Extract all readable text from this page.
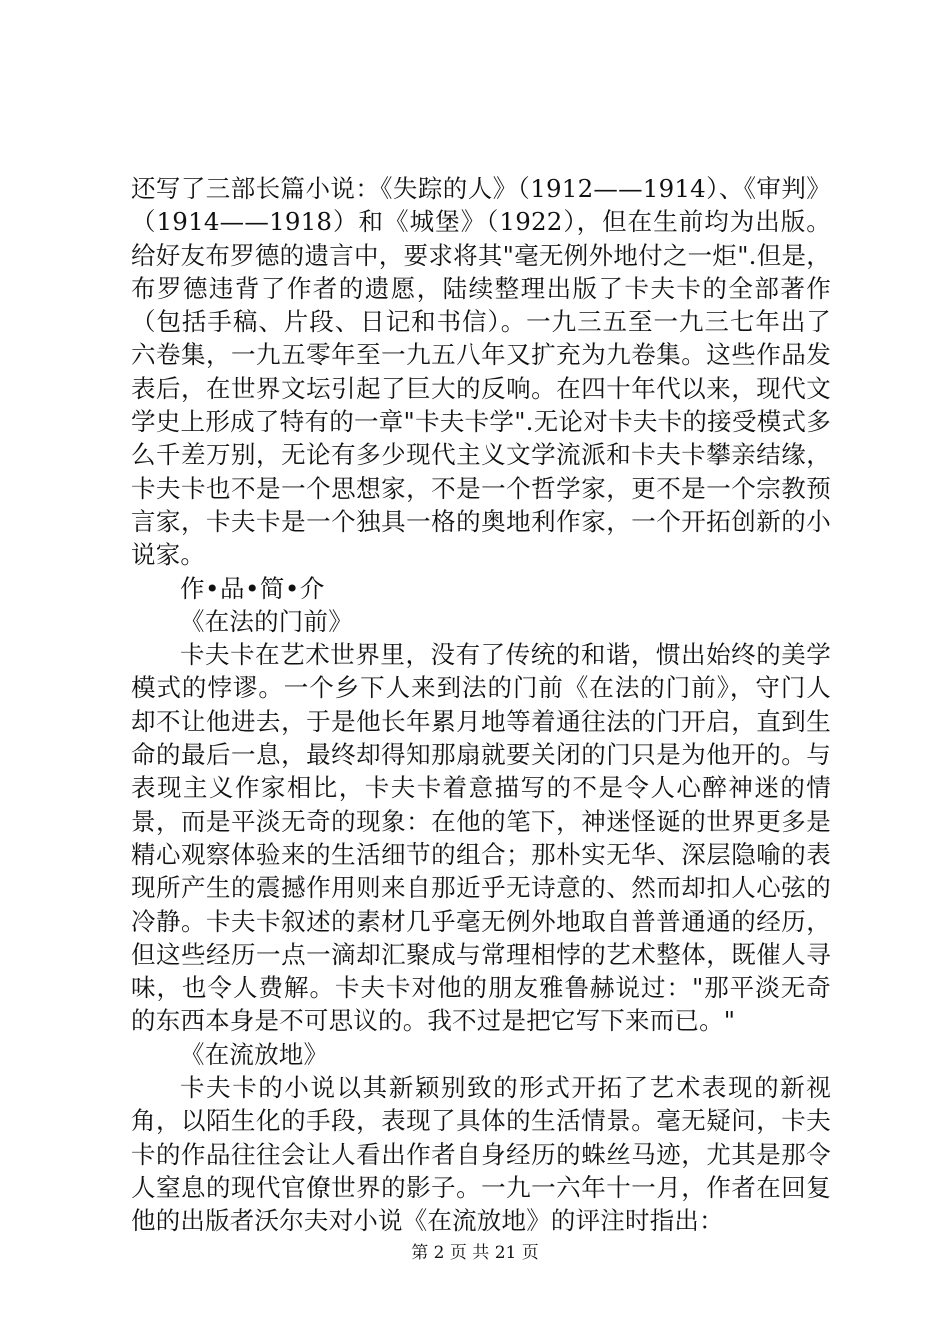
还写了三部长篇小说：《失踪的人》（1912——1914）、《审判》（1914——1918）和《城堡》（1922），但在生前均为出版。给好友布罗德的遗言中，要求将其"毫无例外地付之一炬".但是，布罗德违背了作者的遗愿，陆续整理出版了卡夫卡的全部著作（包括手稿、片段、日记和书信）。一九三五至一九三七年出了六卷集，一九五零年至一九五八年又扩充为九卷集。这些作品发表后，在世界文坛引起了巨大的反响。在四十年代以来，现代文学史上形成了特有的一章"卡夫卡学".无论对卡夫卡的接受模式多么千差万别，无论有多少现代主义文学流派和卡夫卡攀亲结缘，卡夫卡也不是一个思想家，不是一个哲学家，更不是一个宗教预言家，卡夫卡是一个独具一格的奥地利作家，一个开拓创新的小说家。

作•品•简•介

《在法的门前》

卡夫卡在艺术世界里，没有了传统的和谐，惯出始终的美学模式的悖谬。一个乡下人来到法的门前《在法的门前》，守门人却不让他进去，于是他长年累月地等着通往法的门开启，直到生命的最后一息，最终却得知那扇就要关闭的门只是为他开的。与表现主义作家相比，卡夫卡着意描写的不是令人心醉神迷的情景，而是平淡无奇的现象：在他的笔下，神迷怪诞的世界更多是精心观察体验来的生活细节的组合；那朴实无华、深层隐喻的表现所产生的震撼作用则来自那近乎无诗意的、然而却扣人心弦的冷静。卡夫卡叙述的素材几乎毫无例外地取自普普通通的经历，但这些经历一点一滴却汇聚成与常理相悖的艺术整体，既催人寻味，也令人费解。卡夫卡对他的朋友雅鲁赫说过："那平淡无奇的东西本身是不可思议的。我不过是把它写下来而已。"

《在流放地》

卡夫卡的小说以其新颖别致的形式开拓了艺术表现的新视角，以陌生化的手段，表现了具体的生活情景。毫无疑问，卡夫卡的作品往往会让人看出作者自身经历的蛛丝马迹，尤其是那令人窒息的现代官僚世界的影子。一九一六年十一月，作者在回复他的出版者沃尔夫对小说《在流放地》的评注时指出：

第 2 页 共 21 页
